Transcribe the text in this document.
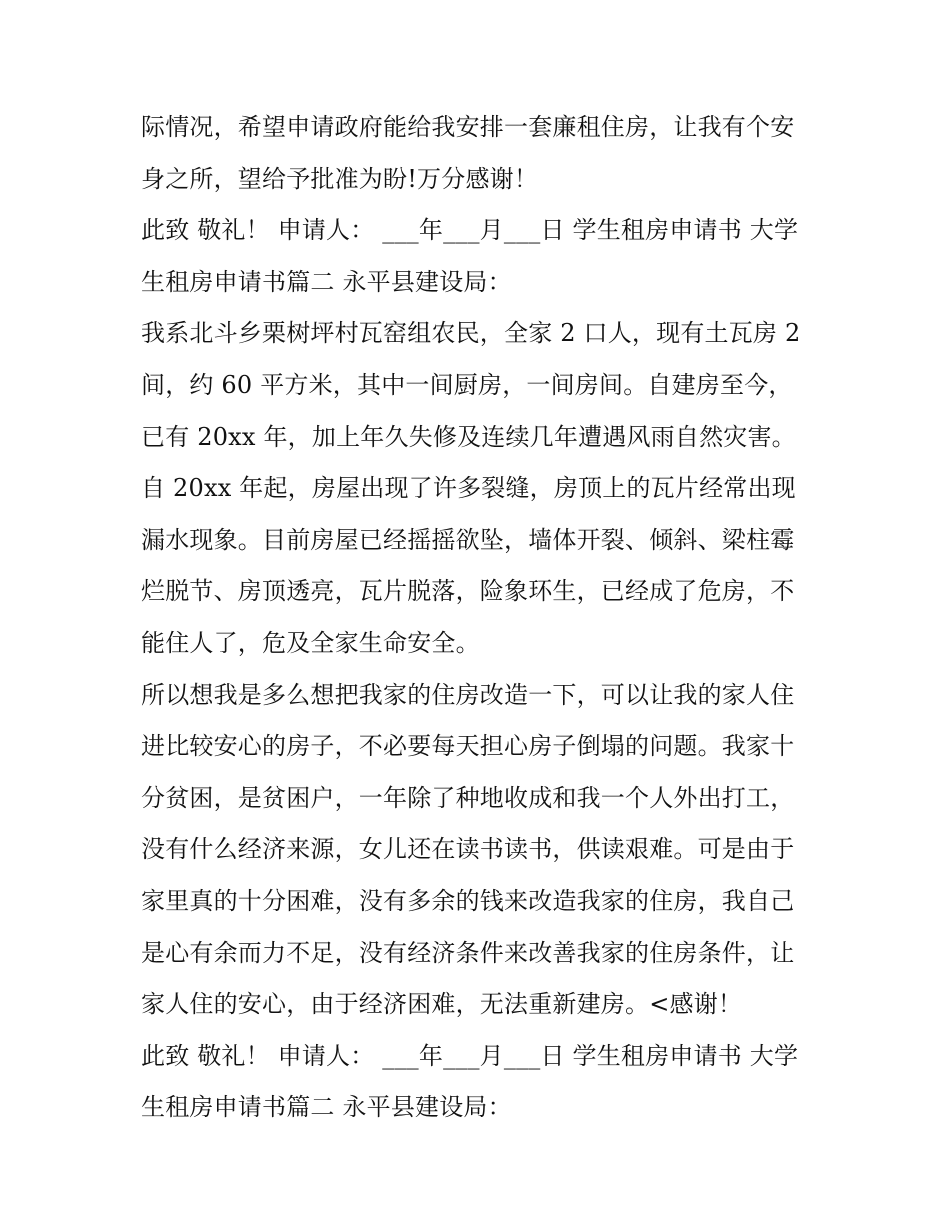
际情况，希望申请政府能给我安排一套廉租住房，让我有个安
身之所，望给予批准为盼!万分感谢！
此致 敬礼！ 申请人： ___年___月___日 学生租房申请书 大学
生租房申请书篇二 永平县建设局：
我系北斗乡栗树坪村瓦窑组农民，全家 2 口人，现有土瓦房 2
间，约 60 平方米，其中一间厨房，一间房间。自建房至今，
已有 20xx 年，加上年久失修及连续几年遭遇风雨自然灾害。
自 20xx 年起，房屋出现了许多裂缝，房顶上的瓦片经常出现
漏水现象。目前房屋已经摇摇欲坠，墙体开裂、倾斜、梁柱霉
烂脱节、房顶透亮，瓦片脱落，险象环生，已经成了危房，不
能住人了，危及全家生命安全。
所以想我是多么想把我家的住房改造一下，可以让我的家人住
进比较安心的房子，不必要每天担心房子倒塌的问题。我家十
分贫困，是贫困户，一年除了种地收成和我一个人外出打工，
没有什么经济来源，女儿还在读书读书，供读艰难。可是由于
家里真的十分困难，没有多余的钱来改造我家的住房，我自己
是心有余而力不足，没有经济条件来改善我家的住房条件，让
家人住的安心，由于经济困难，无法重新建房。<感谢！
此致 敬礼！ 申请人： ___年___月___日 学生租房申请书 大学
生租房申请书篇二 永平县建设局：
